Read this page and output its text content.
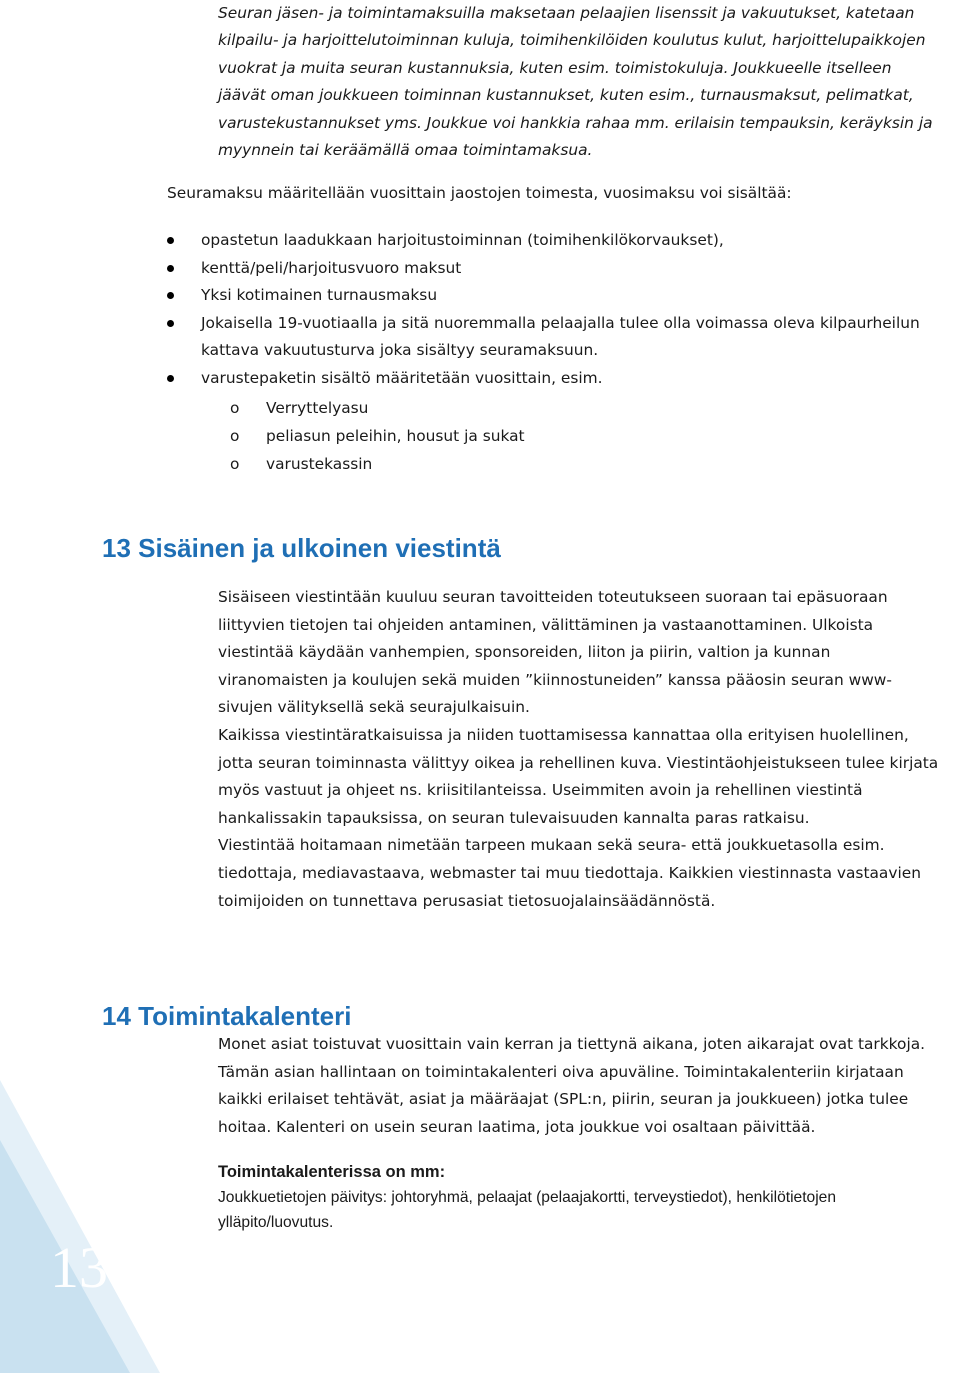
Seuran jäsen- ja toimintamaksuilla maksetaan pelaajien lisenssit ja vakuutukset, katetaan
kilpailu- ja harjoittelutoiminnan kuluja, toimihenkilöiden koulutus kulut, harjoittelupaikkojen
vuokrat ja muita seuran kustannuksia, kuten esim. toimistokuluja. Joukkueelle itselleen
jäävät oman joukkueen toiminnan kustannukset, kuten esim., turnausmaksut, pelimatkat,
varustekustannukset yms. Joukkue voi hankkia rahaa mm. erilaisin tempauksin, keräyksin ja
myynnein tai keräämällä omaa toimintamaksua.

Seuramaksu määritellään vuosittain jaostojen toimesta, vuosimaksu voi sisältää:

opastetun laadukkaan harjoitustoiminnan (toimihenkilökorvaukset),
kenttä/peli/harjoitusvuoro maksut
Yksi kotimainen turnausmaksu
Jokaisella 19-vuotiaalla ja sitä nuoremmalla pelaajalla tulee olla voimassa oleva kilpaurheilun
kattava vakuutusturva joka sisältyy seuramaksuun.
varustepaketin sisältö määritetään vuosittain, esim.
o Verryttelyasu
o peliasun peleihin, housut ja sukat
o varustekassin
13 Sisäinen ja ulkoinen viestintä
Sisäiseen viestintään kuuluu seuran tavoitteiden toteutukseen suoraan tai epäsuoraan
liittyvien tietojen tai ohjeiden antaminen, välittäminen ja vastaanottaminen. Ulkoista
viestintää käydään vanhempien, sponsoreiden, liiton ja piirin, valtion ja kunnan
viranomaisten ja koulujen sekä muiden ”kiinnostuneiden” kanssa pääosin seuran www-
sivujen välityksellä sekä seurajulkaisuin.
Kaikissa viestintäratkaisuissa ja niiden tuottamisessa kannattaa olla erityisen huolellinen,
jotta seuran toiminnasta välittyy oikea ja rehellinen kuva. Viestintäohjeistukseen tulee kirjata
myös vastuut ja ohjeet ns. kriisitilanteissa. Useimmiten avoin ja rehellinen viestintä
hankalissakin tapauksissa, on seuran tulevaisuuden kannalta paras ratkaisu.
Viestintää hoitamaan nimetään tarpeen mukaan sekä seura- että joukkuetasolla esim.
tiedottaja, mediavastaava, webmaster tai muu tiedottaja. Kaikkien viestinnasta vastaavien
toimijoiden on tunnettava perusasiat tietosuojalainsäädännöstä.
14 Toimintakalenteri
Monet asiat toistuvat vuosittain vain kerran ja tiettynä aikana, joten aikarajat ovat tarkkoja.
Tämän asian hallintaan on toimintakalenteri oiva apuväline. Toimintakalenteriin kirjataan
kaikki erilaiset tehtävät, asiat ja määräajat (SPL:n, piirin, seuran ja joukkueen) jotka tulee
hoitaa. Kalenteri on usein seuran laatima, jota joukkue voi osaltaan päivittää.

Toimintakalenterissa on mm:

Joukkuetietojen päivitys: johtoryhmä, pelaajat (pelaajakortti, terveystiedot), henkilötietojen
ylläpito/luovutus.

13
